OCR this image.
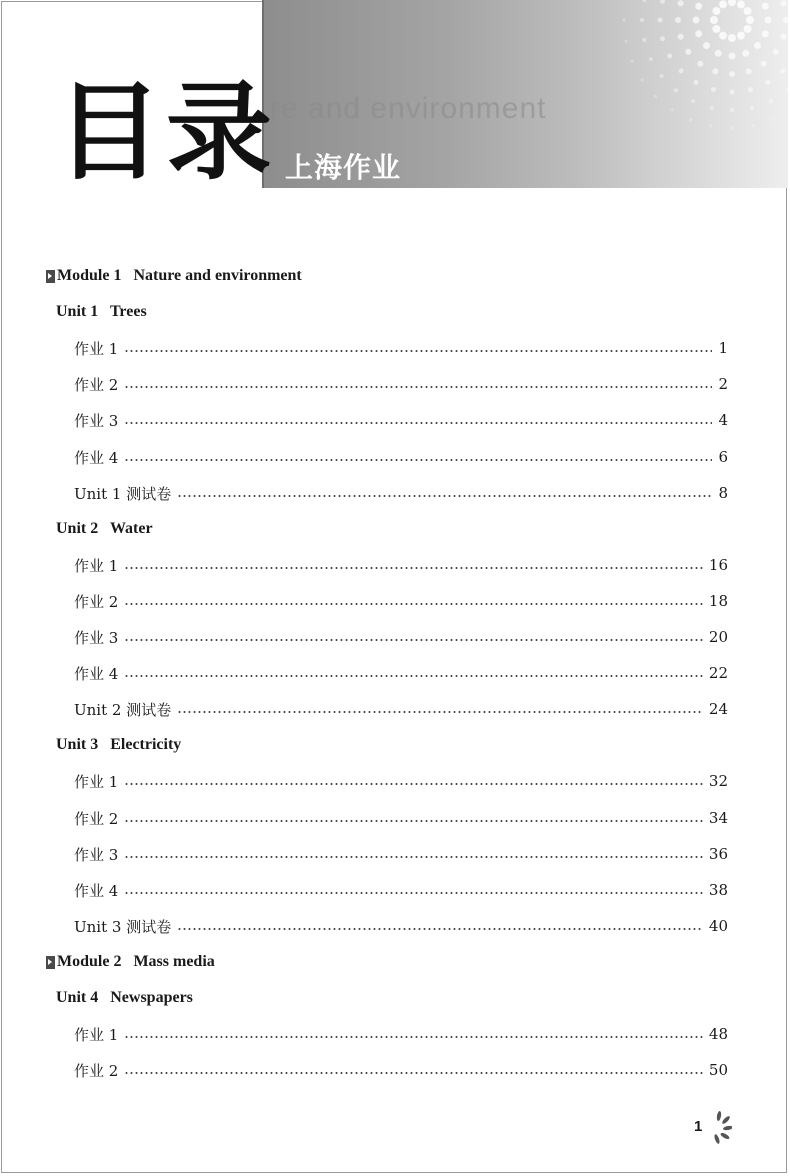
re and environment
上海作业
目录
Module 1   Nature and environment
Unit 1   Trees
作业 1	1
作业 2	2
作业 3	4
作业 4	6
Unit 1 测试卷	8
Unit 2   Water
作业 1	16
作业 2	18
作业 3	20
作业 4	22
Unit 2 测试卷	24
Unit 3   Electricity
作业 1	32
作业 2	34
作业 3	36
作业 4	38
Unit 3 测试卷	40
Module 2   Mass media
Unit 4   Newspapers
作业 1	48
作业 2	50
1
